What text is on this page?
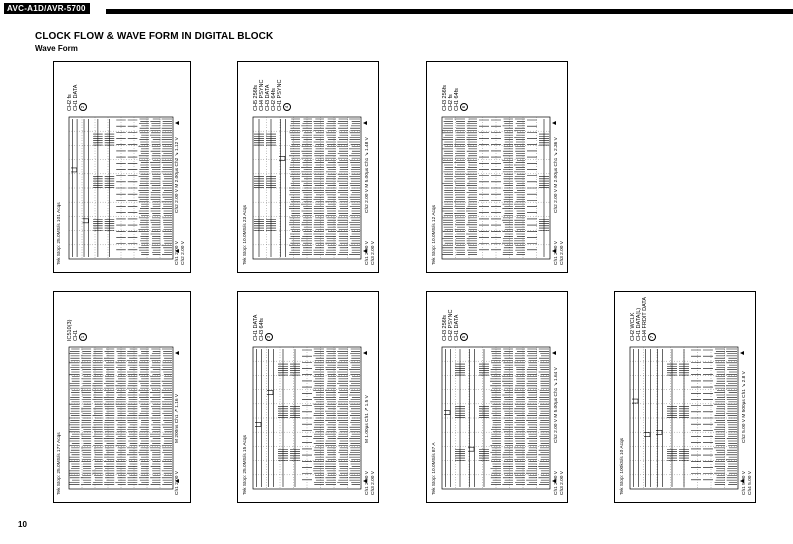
AVC-A1D/AVR-5700
CLOCK FLOW & WAVE FORM IN DIGITAL BLOCK
Wave Form
10
2
CH1 DATA
CH2 fs
Tek Stop: 25.0MS/s 101 Acqs	Ch1 2.00 V Ch2 2.00 V
Ch2 2.00 V M 2.00µs Ch2 ↘ 1.12 V
4
CH1 PSYNC
CH2 64fs
CH3 DATA
CH4 PSYNC
CH5 256fs
Tek Stop: 10.0MS/s 23 Acqs	Ch1 2.00 V Ch3 2.00 V
Ch2 2.00 V M 5.00µs Ch1 ↘ 1.48 V
6
CH1 64fs
CH2 fs
CH3 256fs
Tek Stop: 10.0MS/s 12 Acqs	Ch1 2.00 V Ch3 2.00 V
Ch2 2.00 V M 2.00µs Ch1 ↘ 2.36 V
1
CH1
IC510(3)
Tek Stop: 25.0MS/s 177 Acqs	Ch1 2.00 V
M 200ns Ch1 ↗ 1.16 V
3
CH3 64fs
CH1 DATA
Tek Stop: 25.0MS/s 15 Acqs	Ch1 2.00 V Ch3 2.00 V
M 1.00µs Ch1 ↗ 1.5 V
5
CH1 DATA
CH2 PSYNC
CH3 256fs
Tek Stop: 10.0MS/s 87 A	Ch1 2.00 V Ch3 2.00 V
Ch2 2.00 V M 5.00µs Ch1 ↘ 1.64 V
7
CH4 FRDIT DATA
CH1 DATA(L)
CH2 WCLK
Tek Stop: 100kS/s 10 Acqs	Ch1 5.00 V Ch4 5.00 V
Ch2 5.00 V M 500µs Ch1 ↘ 2.8 V
